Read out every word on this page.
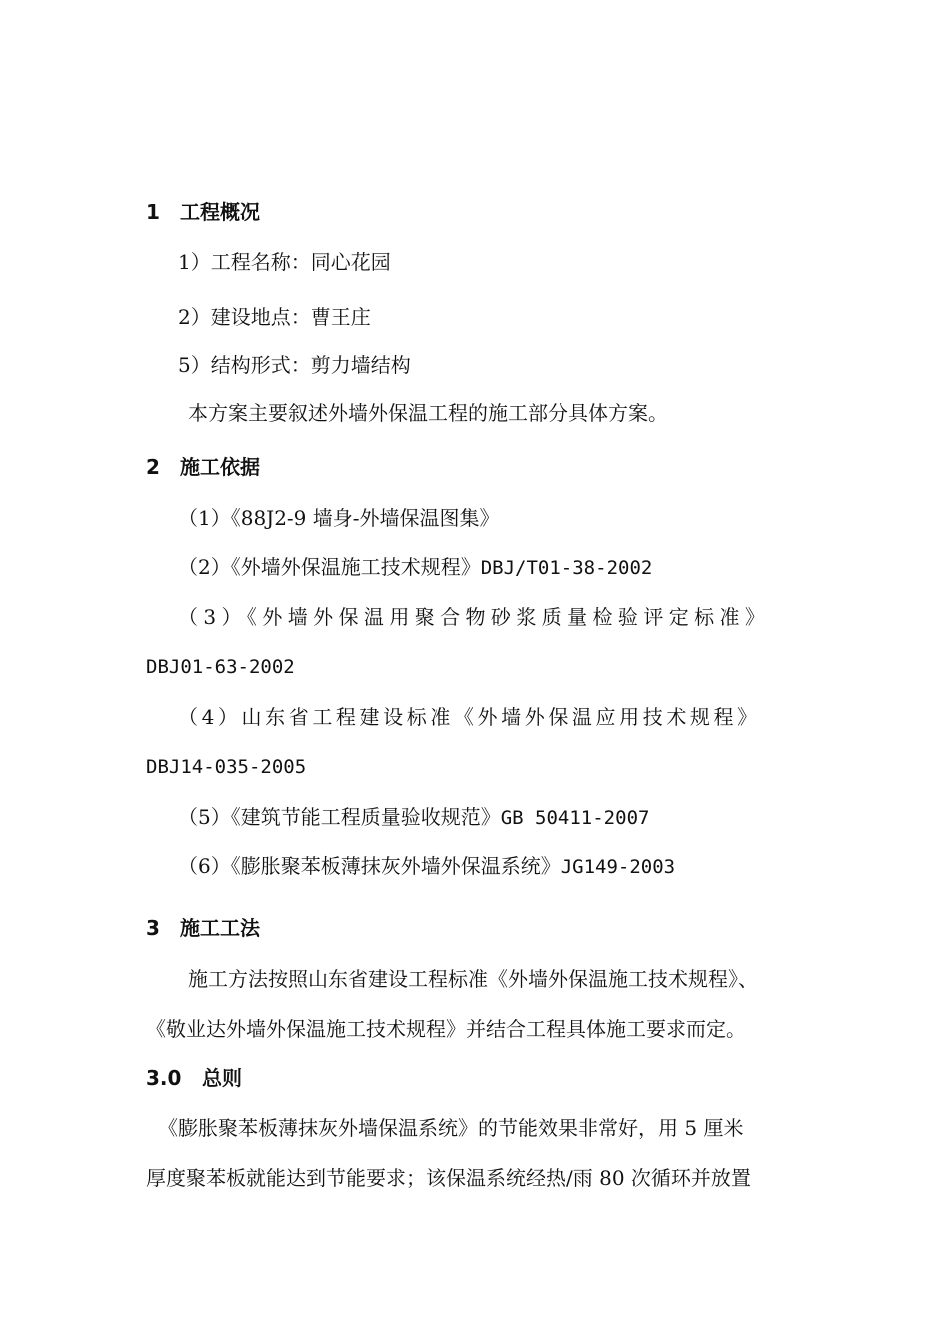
1 工程概况
1）工程名称：同心花园
2）建设地点：曹王庄
5）结构形式：剪力墙结构
本方案主要叙述外墙外保温工程的施工部分具体方案。
2 施工依据
（1）《88J2-9 墙身-外墙保温图集》
（2）《外墙外保温施工技术规程》DBJ/T01-38-2002
（3）《外墙外保温用聚合物砂浆质量检验评定标准》
DBJ01-63-2002
（4）山东省工程建设标准《外墙外保温应用技术规程》
DBJ14-035-2005
（5）《建筑节能工程质量验收规范》GB 50411-2007
（6）《膨胀聚苯板薄抹灰外墙外保温系统》JG149-2003
3 施工工法
施工方法按照山东省建设工程标准《外墙外保温施工技术规程》、
《敬业达外墙外保温施工技术规程》并结合工程具体施工要求而定。
3.0 总则
《膨胀聚苯板薄抹灰外墙保温系统》的节能效果非常好，用 5 厘米
厚度聚苯板就能达到节能要求；该保温系统经热/雨 80 次循环并放置
